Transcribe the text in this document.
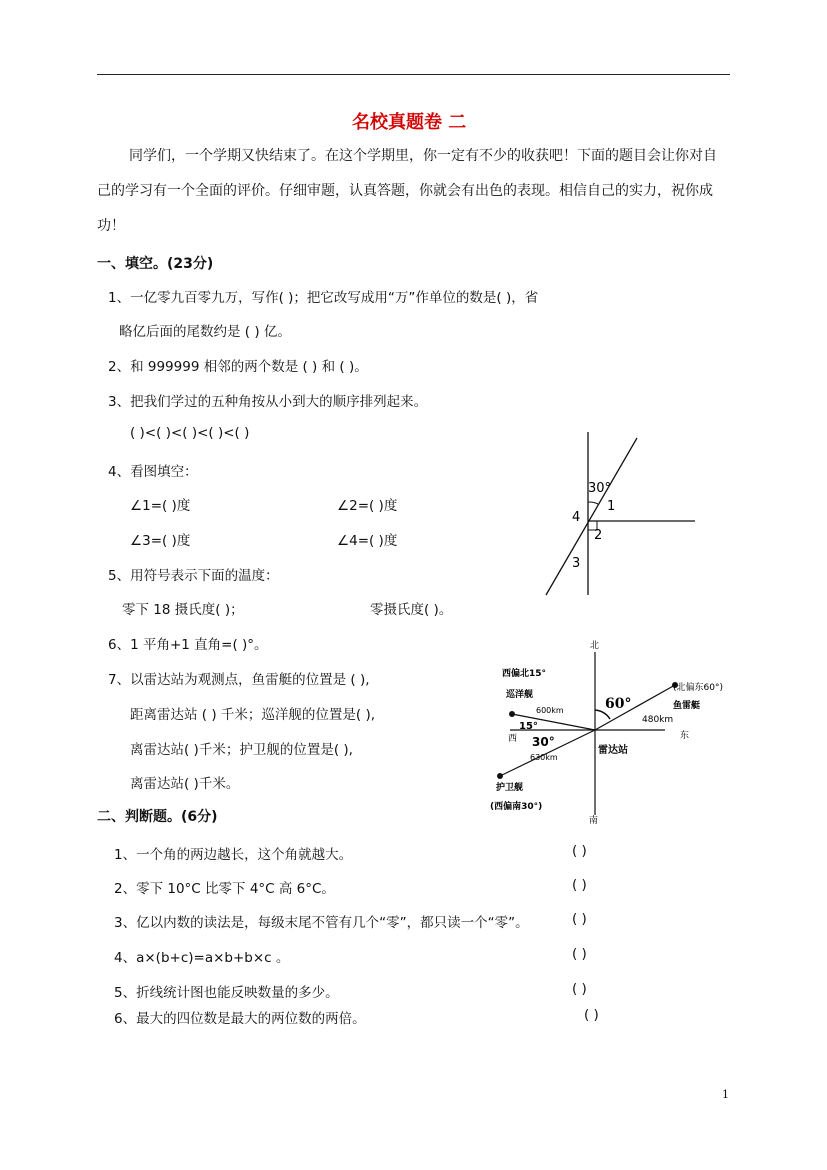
名校真题卷 二
同学们，一个学期又快结束了。在这个学期里，你一定有不少的收获吧！下面的题目会让你对自
己的学习有一个全面的评价。仔细审题，认真答题，你就会有出色的表现。相信自己的实力，祝你成
功！
一、填空。(23分)
1、一亿零九百零九万，写作( )；把它改写成用“万”作单位的数是( )，省
略亿后面的尾数约是 ( ) 亿。
2、和 999999 相邻的两个数是 ( ) 和 ( )。
3、把我们学过的五种角按从小到大的顺序排列起来。
( )<( )<( )<( )<( )
4、看图填空：
∠1=( )度	∠2=( )度
∠3=( )度	∠4=( )度
5、用符号表示下面的温度：
零下 18 摄氏度( )；	零摄氏度( )。
6、1 平角+1 直角=( )°。
7、以雷达站为观测点，鱼雷艇的位置是 ( ),
距离雷达站 ( ) 千米；巡洋舰的位置是( ),
离雷达站( )千米；护卫舰的位置是( ),
离雷达站( )千米。
30°
1
2
3
4
北
南
东
西
雷达站
60°
15°
30°
(北偏东60°)
鱼雷艇
480km
西偏北15°
巡洋舰
600km
630km
护卫舰
(西偏南30°)
二、判断题。(6分)
1、一个角的两边越长，这个角就越大。	( )
2、零下 10°C 比零下 4°C 高 6°C。	( )
3、亿以内数的读法是，每级末尾不管有几个“零”，都只读一个“零”。	( )
4、a×(b+c)=a×b+b×c 。	( )
5、折线统计图也能反映数量的多少。	( )
6、最大的四位数是最大的两位数的两倍。	( )
1
